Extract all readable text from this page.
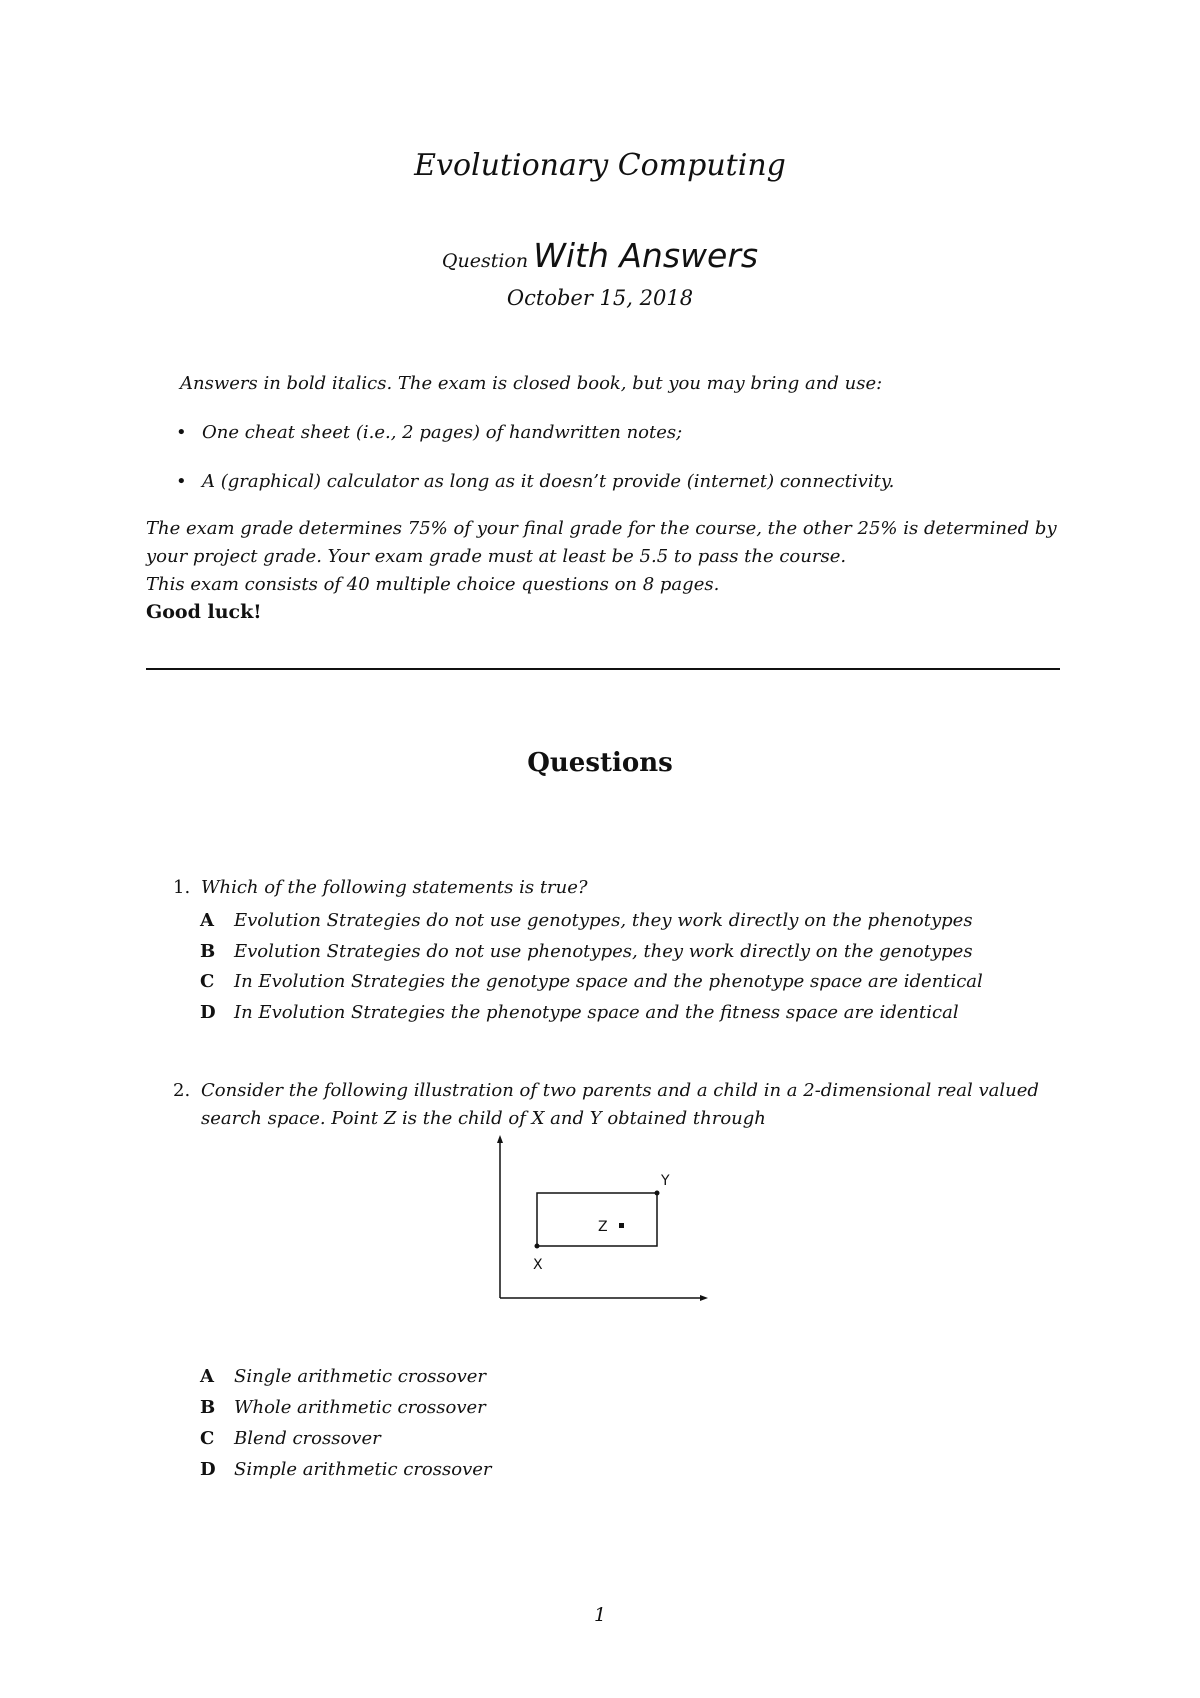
Evolutionary Computing
Question With Answers
October 15, 2018
Answers in bold italics. The exam is closed book, but you may bring and use:
• One cheat sheet (i.e., 2 pages) of handwritten notes;
• A (graphical) calculator as long as it doesn’t provide (internet) connectivity.
The exam grade determines 75% of your final grade for the course, the other 25% is determined by
your project grade. Your exam grade must at least be 5.5 to pass the course.
This exam consists of 40 multiple choice questions on 8 pages.
Good luck!
Questions
1. Which of the following statements is true?
A Evolution Strategies do not use genotypes, they work directly on the phenotypes
B Evolution Strategies do not use phenotypes, they work directly on the genotypes
C In Evolution Strategies the genotype space and the phenotype space are identical
D In Evolution Strategies the phenotype space and the fitness space are identical
2. Consider the following illustration of two parents and a child in a 2-dimensional real valued
search space. Point Z is the child of X and Y obtained through
X
Y
Z
A Single arithmetic crossover
B Whole arithmetic crossover
C Blend crossover
D Simple arithmetic crossover
1
